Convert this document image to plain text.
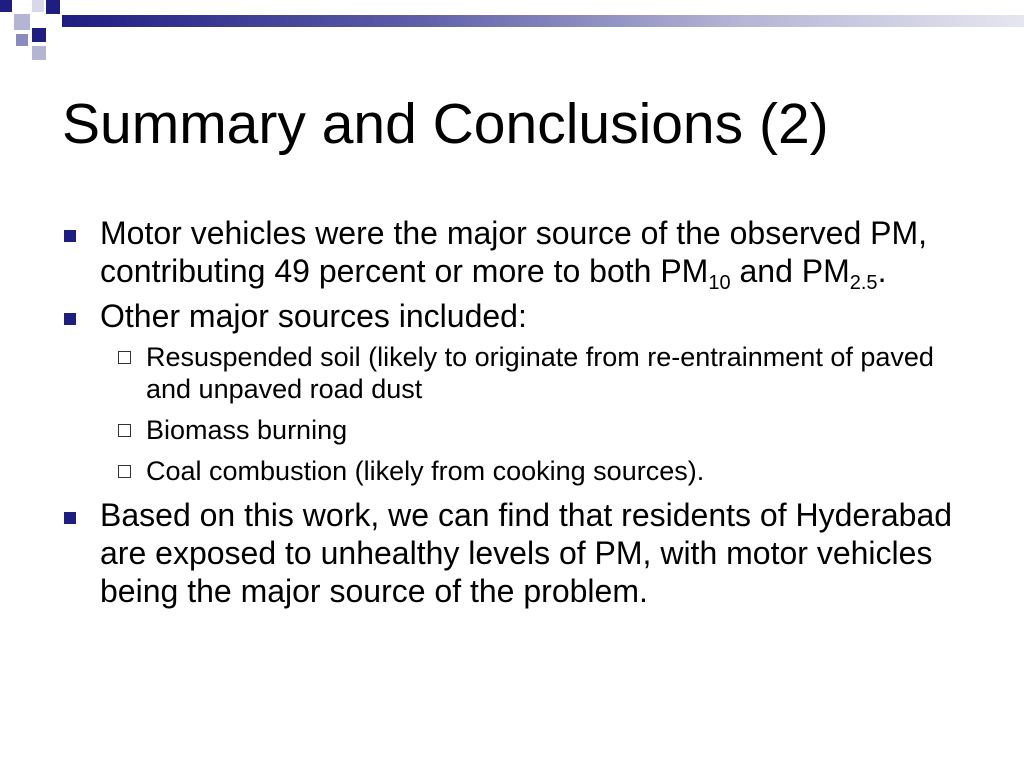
Summary and Conclusions (2)
Motor vehicles were the major source of the observed PM, contributing 49 percent or more to both $PM_{10}$ and $PM_{2.5}$.
Other major sources included:
Resuspended soil (likely to originate from re-entrainment of paved and unpaved road dust
Biomass burning
Coal combustion (likely from cooking sources).
Based on this work, we can find that residents of Hyderabad are exposed to unhealthy levels of PM, with motor vehicles being the major source of the problem.
